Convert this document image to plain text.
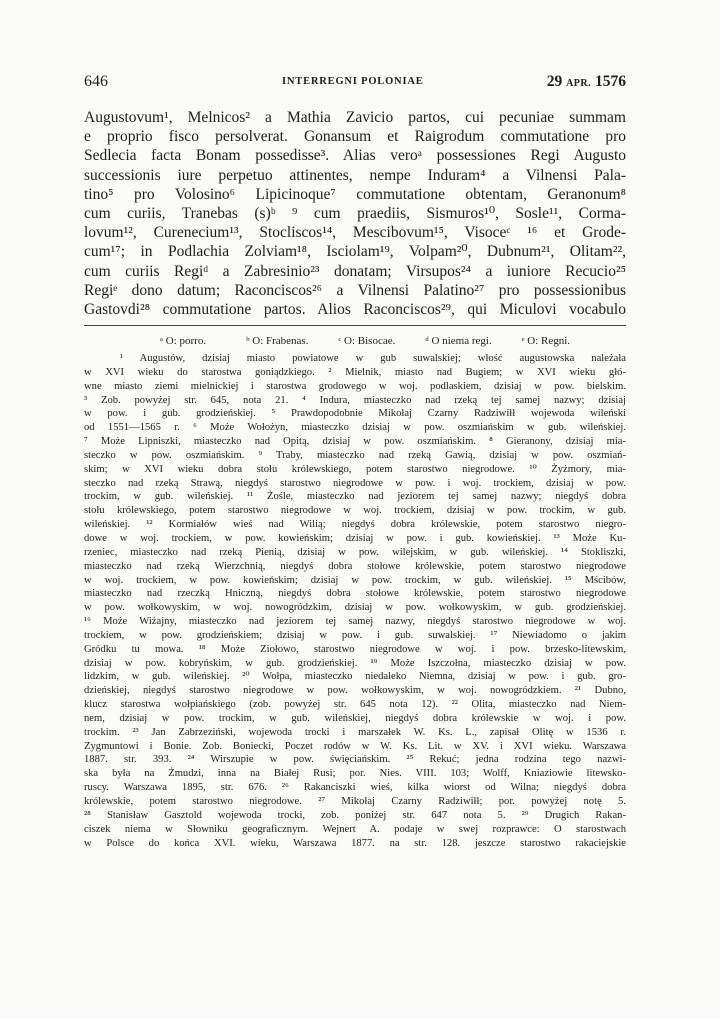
646	INTERREGNI POLONIAE	29 APR. 1576
Augustovum¹, Melnicos² a Mathia Zavicio partos, cui pecuniae summam
e proprio fisco persolverat. Gonansum et Raigrodum commutatione pro
Sedlecia facta Bonam possedisse³. Alias veroᵃ possessiones Regi Augusto
successionis iure perpetuo attinentes, nempe Induram⁴ a Vilnensi Pala-
tino⁵ pro Volosino⁶ Lipicinoque⁷ commutatione obtentam, Geranonum⁸
cum curiis, Tranebas (s)ᵇ ⁹ cum praediis, Sismuros¹⁰, Sosle¹¹, Corma-
lovum¹², Curenecium¹³, Stocliscos¹⁴, Mescibovum¹⁵, Visoceᶜ ¹⁶ et Grode-
cum¹⁷; in Podlachia Zolviam¹⁸, Isciolam¹⁹, Volpam²⁰, Dubnum²¹, Olitam²²,
cum curiis Regiᵈ a Zabresinio²³ donatam; Virsupos²⁴ a iuniore Recucio²⁵
Regiᵉ dono datum; Raconciscos²⁶ a Vilnensi Palatino²⁷ pro possessionibus
Gastovdi²⁸ commutatione partos. Alios Raconciscos²⁹, qui Miculovi vocabulo
ᵃ O: porro.	ᵇ O: Frabenas.	ᶜ O: Bisocae.	ᵈ O niema regi.	ᵉ O: Regni.
¹ Augustów, dzisiaj miasto powiatowe w gub suwalskiej; włość augustowska należała
w XVI wieku do starostwa goniądzkiego. ² Mielnik, miasto nad Bugiem; w XVI wieku głó-
wne miasto ziemi mielnickiej i starostwa grodowego w woj. podlaskiem, dzisiaj w pow. bielskim.
³ Zob. powyżej str. 645, nota 21. ⁴ Indura, miasteczko nad rzeką tej samej nazwy; dzisiaj
w pow. i gub. grodzieńskiej. ⁵ Prawdopodobnie Mikołaj Czarny Radziwiłł wojewoda wileński
od 1551—1565 r. ⁶ Może Wołożyn, miasteczko dzisiaj w pow. oszmiańskim w gub. wileńskiej.
⁷ Może Lipniszki, miasteczko nad Opitą, dzisiaj w pow. oszmiańskim. ⁸ Gieranony, dzisiaj mia-
steczko w pow. oszmiańskim. ⁹ Traby, miasteczko nad rzeką Gawią, dzisiaj w pow. oszmiań-
skim; w XVI wieku dobra stołu królewskiego, potem starostwo niegrodowe. ¹⁰ Żyżmory, mia-
steczko nad rzeką Strawą, niegdyś starostwo niegrodowe w pow. i woj. trockiem, dzisiaj w pow.
trockim, w gub. wileńskiej. ¹¹ Żośle, miasteczko nad jeziorem tej samej nazwy; niegdyś dobra
stołu królewskiego, potem starostwo niegrodowe w woj. trockiem, dzisiaj w pow. trockim, w gub.
wileńskiej. ¹² Kormiałów wieś nad Wilią; niegdyś dobra królewskie, potem starostwo niegro-
dowe w woj. trockiem, w pow. kowieńskim; dzisiaj w pow. i gub. kowieńskiej. ¹³ Może Ku-
rzeniec, miasteczko nad rzeką Pienią, dzisiaj w pow. wilejskim, w gub. wileńskiej. ¹⁴ Stokliszki,
miasteczko nad rzeką Wierzchnią, niegdyś dobra stołowe królewskie, potem starostwo niegrodowe
w woj. trockiem, w pow. kowieńskim; dzisiaj w pow. trockim, w gub. wileńskiej. ¹⁵ Mścibów,
miasteczko nad rzeczką Hniczną, niegdyś dobra stołowe królewskie, potem starostwo niegrodowe
w pow. wołkowyskim, w woj. nowogródzkim, dzisiaj w pow. wołkowyskim, w gub. grodzieńskiej.
¹⁶ Może Wiżajny, miasteczko nad jeziorem tej samej nazwy, niegdyś starostwo niegrodowe w woj.
trockiem, w pow. grodzieńskiem; dzisiaj w pow. i gub. suwalskiej. ¹⁷ Niewiadomo o jakim
Gródku tu mowa. ¹⁸ Może Ziołowo, starostwo niegrodowe w woj. i pow. brzesko-litewskim,
dzisiaj w pow. kobryńskim, w gub. grodzieńskiej. ¹⁹ Może Iszczołna, miasteczko dzisiaj w pow.
lidzkim, w gub. wileńskiej. ²⁰ Wołpa, miasteczko niedaleko Niemna, dzisiaj w pow. i gub. gro-
dzieńskiej, niegdyś starostwo niegrodowe w pow. wołkowyskim, w woj. nowogródzkiem. ²¹ Dubno,
klucz starostwa wołpiańskiego (zob. powyżej str. 645 nota 12). ²² Olita, miasteczko nad Niem-
nem, dzisiaj w pow. trockim, w gub. wileńskiej, niegdyś dobra królewskie w woj. i pow.
trockim. ²³ Jan Zabrzeziński, wojewoda trocki i marszałek W. Ks. L., zapisał Olitę w 1536 r.
Zygmuntowi i Bonie. Zob. Boniecki, Poczet rodów w W. Ks. Lit. w XV. i XVI wieku. Warszawa
1887. str. 393. ²⁴ Wirszupie w pow. święciańskim. ²⁵ Rekuć; jedna rodzina tego nazwi-
ska była na Żmudzi, inna na Białej Rusi; por. Nies. VIII. 103; Wolff, Kniaziowie litewsko-
ruscy. Warszawa 1895, str. 676. ²⁶ Rakanciszki wieś, kilka wiorst od Wilna; niegdyś dobra
królewskie, potem starostwo niegrodowe. ²⁷ Mikołaj Czarny Radziwiłł; por. powyżej notę 5.
²⁸ Stanisław Gasztold wojewoda trocki, zob. poniżej str. 647 nota 5. ²⁹ Drugich Rakan-
ciszek niema w Słowniku geograficznym. Wejnert A. podaje w swej rozprawce: O starostwach
w Polsce do końca XVI. wieku, Warszawa 1877. na str. 128. jeszcze starostwo rakaciejskie
